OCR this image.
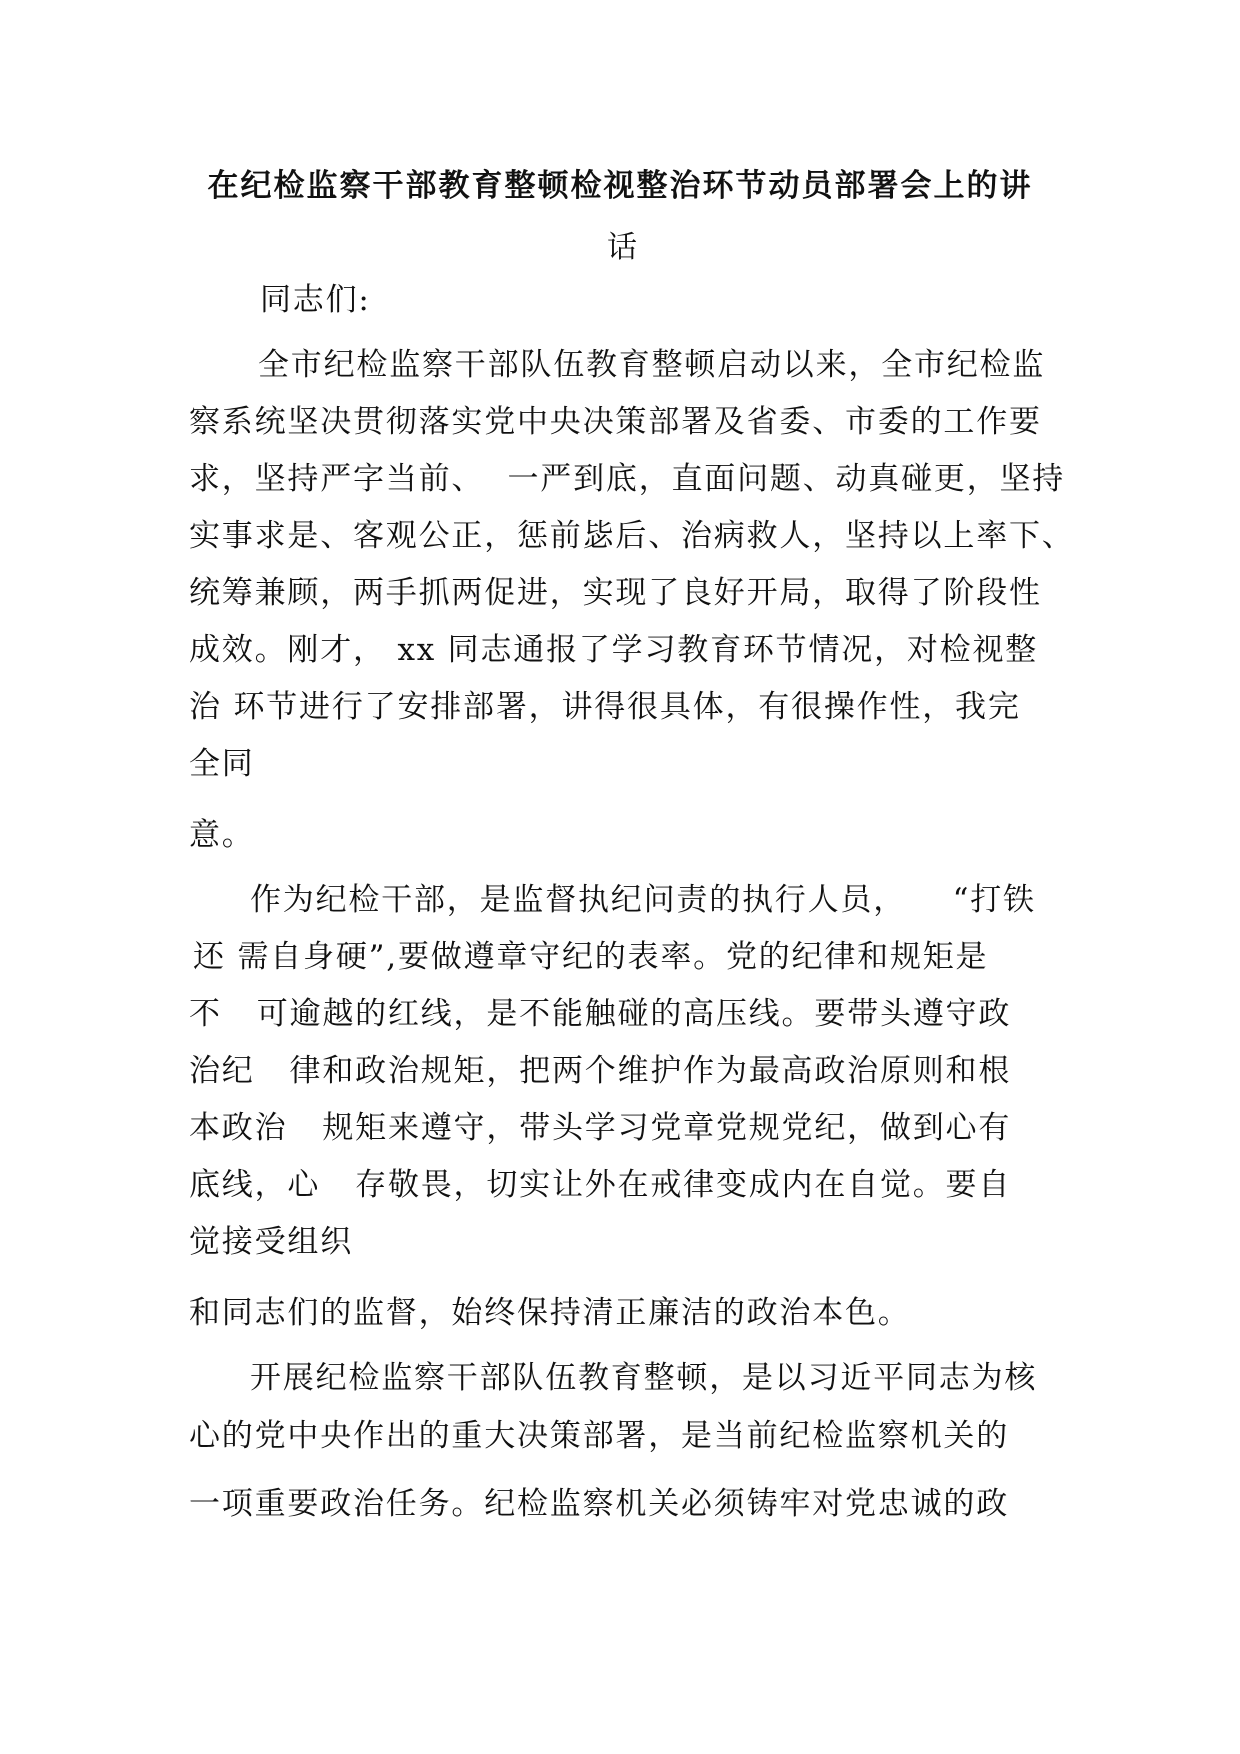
在纪检监察干部教育整顿检视整治环节动员部署会上的讲
话
同志们:
全市纪检监察干部队伍教育整顿启动以来，全市纪检监
察系统坚决贯彻落实党中央决策部署及省委、市委的工作要
求，坚持严字当前、  一严到底，直面问题、动真碰更，坚持
实事求是、客观公正，惩前毖后、治病救人，坚持以上率下、
统筹兼顾，两手抓两促进，实现了良好开局，取得了阶段性
成效。刚才， xx 同志通报了学习教育环节情况，对检视整
治 环节进行了安排部署，讲得很具体，有很操作性，我完
全同
意。
作为纪检干部，是监督执纪问责的执行人员，    “打铁
还 需自身硬”,要做遵章守纪的表率。党的纪律和规矩是
不   可逾越的红线，是不能触碰的高压线。要带头遵守政
治纪   律和政治规矩，把两个维护作为最高政治原则和根
本政治   规矩来遵守，带头学习党章党规党纪，做到心有
底线，心   存敬畏，切实让外在戒律变成内在自觉。要自
觉接受组织
和同志们的监督，始终保持清正廉洁的政治本色。
开展纪检监察干部队伍教育整顿，是以习近平同志为核
心的党中央作出的重大决策部署，是当前纪检监察机关的
一项重要政治任务。纪检监察机关必须铸牢对党忠诚的政
